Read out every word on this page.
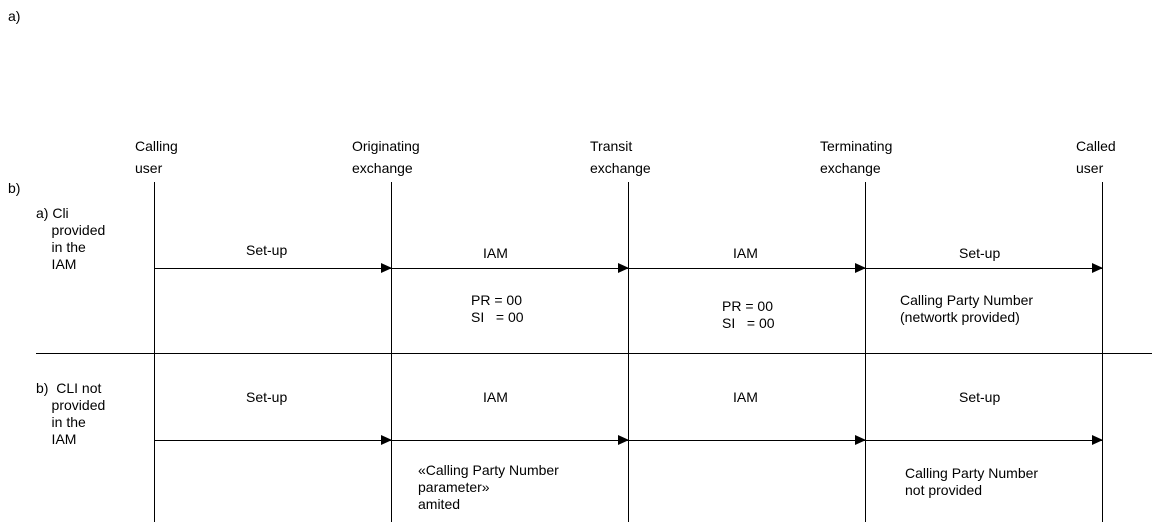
a)
b)
Calling
user
Originating
exchange
Transit
exchange
Terminating
exchange
Called
user
a) Cli
provided
in the
IAM
Set-up	IAM	IAM	Set-up
PR = 00
SI   = 00
PR = 00
SI   = 00
Calling Party Number
(networtk provided)
b)  CLI not
provided
in the
IAM
Set-up	IAM	IAM	Set-up
«Calling Party Number
parameter»
amited
Calling Party Number
not provided
